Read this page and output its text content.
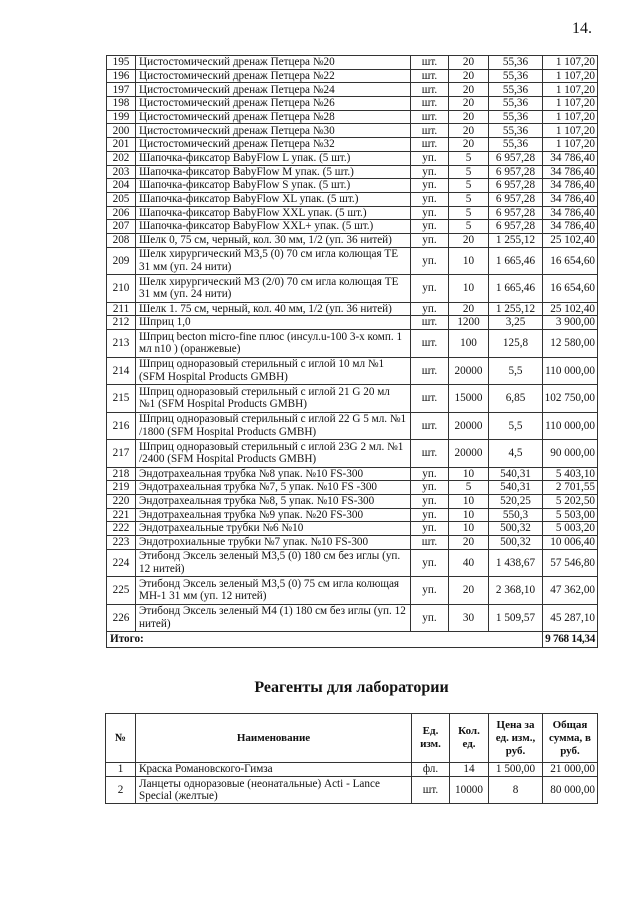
14.
195	Цистостомический дренаж Петцера №20	шт.	20	55,36	1 107,20
196	Цистостомический дренаж Петцера №22	шт.	20	55,36	1 107,20
197	Цистостомический дренаж Петцера №24	шт.	20	55,36	1 107,20
198	Цистостомический дренаж Петцера №26	шт.	20	55,36	1 107,20
199	Цистостомический дренаж Петцера №28	шт.	20	55,36	1 107,20
200	Цистостомический дренаж Петцера №30	шт.	20	55,36	1 107,20
201	Цистостомический дренаж Петцера №32	шт.	20	55,36	1 107,20
202	Шапочка-фиксатор BabyFlow L упак. (5 шт.)	уп.	5	6 957,28	34 786,40
203	Шапочка-фиксатор BabyFlow M упак. (5 шт.)	уп.	5	6 957,28	34 786,40
204	Шапочка-фиксатор BabyFlow S упак. (5 шт.)	уп.	5	6 957,28	34 786,40
205	Шапочка-фиксатор BabyFlow XL упак. (5 шт.)	уп.	5	6 957,28	34 786,40
206	Шапочка-фиксатор BabyFlow XXL упак. (5 шт.)	уп.	5	6 957,28	34 786,40
207	Шапочка-фиксатор BabyFlow XXL+ упак. (5 шт.)	уп.	5	6 957,28	34 786,40
208	Шелк 0, 75 см, черный, кол. 30 мм, 1/2 (уп. 36 нитей)	уп.	20	1 255,12	25 102,40
209	Шелк хирургический М3,5 (0) 70 см игла колющая ТЕ 31 мм (уп. 24 нити)	уп.	10	1 665,46	16 654,60
210	Шелк хирургический М3 (2/0) 70 см игла колющая ТЕ 31 мм (уп. 24 нити)	уп.	10	1 665,46	16 654,60
211	Шелк 1. 75 см, черный, кол. 40 мм, 1/2 (уп. 36 нитей)	уп.	20	1 255,12	25 102,40
212	Шприц 1,0	шт.	1200	3,25	3 900,00
213	Шприц becton micro-fine плюс (инсул.u-100 3-х комп. 1 мл n10 ) (оранжевые)	шт.	100	125,8	12 580,00
214	Шприц одноразовый стерильный с иглой 10 мл №1 (SFM Hospital Products GMBH)	шт.	20000	5,5	110 000,00
215	Шприц одноразовый стерильный с иглой 21 G 20 мл №1 (SFM Hospital Products GMBH)	шт.	15000	6,85	102 750,00
216	Шприц одноразовый стерильный с иглой 22 G 5 мл. №1 /1800 (SFM Hospital Products GMBH)	шт.	20000	5,5	110 000,00
217	Шприц одноразовый стерильный с иглой 23G 2 мл. №1 /2400 (SFM Hospital Products GMBH)	шт.	20000	4,5	90 000,00
218	Эндотрахеальная трубка №8 упак. №10 FS-300	уп.	10	540,31	5 403,10
219	Эндотрахеальная трубка №7, 5 упак. №10 FS -300	уп.	5	540,31	2 701,55
220	Эндотрахеальная трубка №8, 5 упак. №10 FS-300	уп.	10	520,25	5 202,50
221	Эндотрахеальная трубка №9 упак. №20 FS-300	уп.	10	550,3	5 503,00
222	Эндотрахеальные трубки №6 №10	уп.	10	500,32	5 003,20
223	Эндотрохиальные трубки №7 упак. №10 FS-300	шт.	20	500,32	10 006,40
224	Этибонд Эксель зеленый М3,5 (0) 180 см без иглы (уп. 12 нитей)	уп.	40	1 438,67	57 546,80
225	Этибонд Эксель зеленый М3,5 (0) 75 см игла колющая МН-1 31 мм (уп. 12 нитей)	уп.	20	2 368,10	47 362,00
226	Этибонд Эксель зеленый М4 (1) 180 см без иглы (уп. 12 нитей)	уп.	30	1 509,57	45 287,10
Итого:					9 768 14,34
Реагенты для лаборатории
№	Наименование	Ед. изм.	Кол. ед.	Цена за ед. изм., руб.	Общая сумма, в руб.
1	Краска Романовского-Гимза	фл.	14	1 500,00	21 000,00
2	Ланцеты одноразовые (неонатальные) Acti - Lance Special (желтые)	шт.	10000	8	80 000,00
